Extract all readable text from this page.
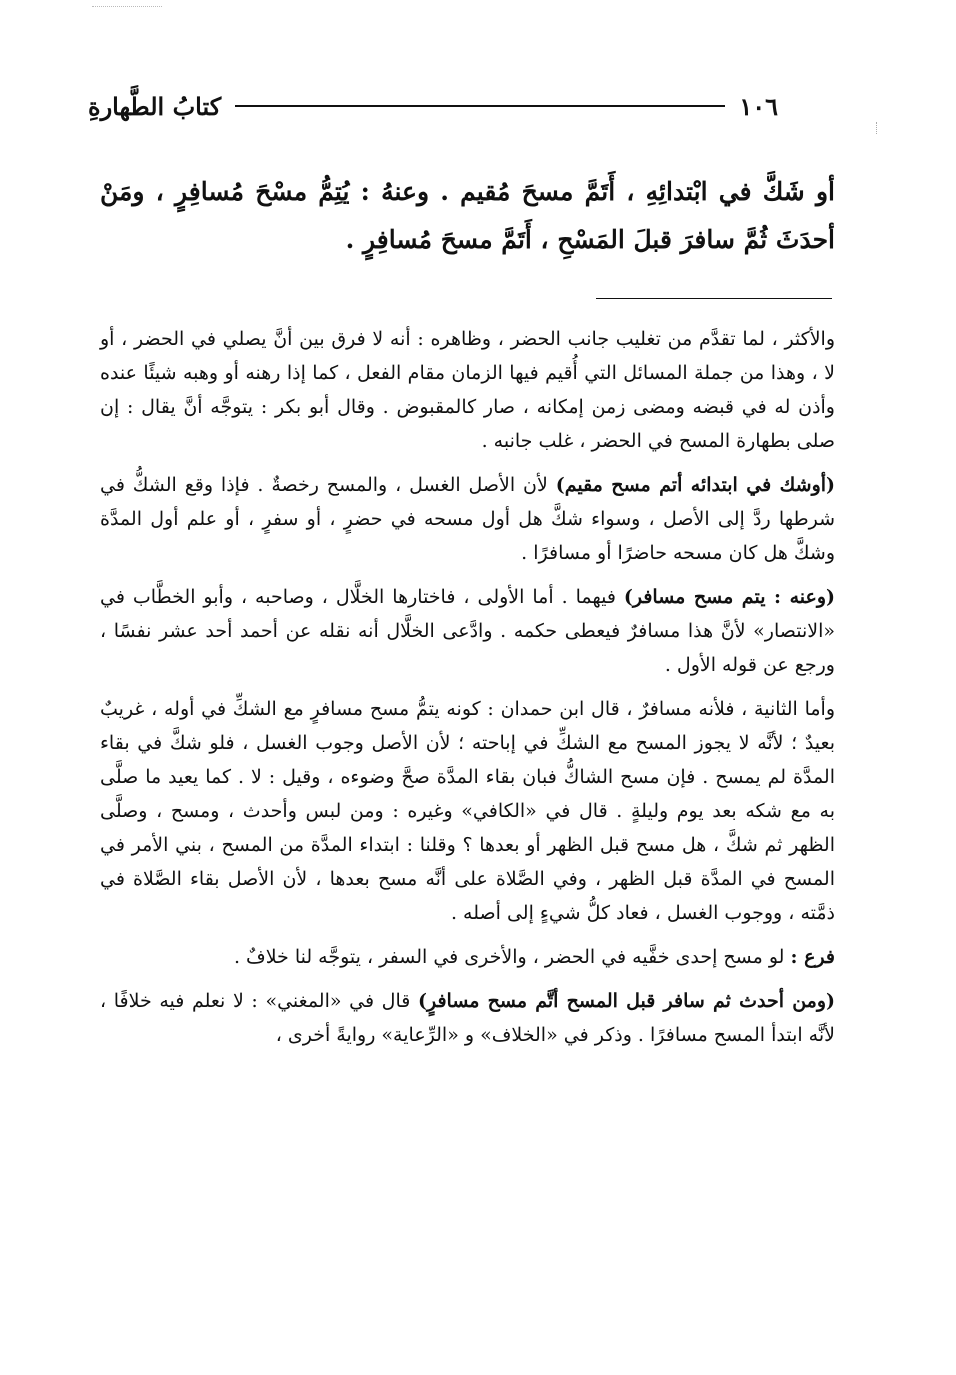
كتابُ الطَّهارةِ	١٠٦

أو شَكَّ في ابْتدائِهِ ، أَتَمَّ مسحَ مُقيم . وعنهُ : يُتِمُّ مسْحَ مُسافِرٍ ، ومَنْ أحدَثَ ثُمَّ سافرَ قبلَ المَسْحِ ، أَتَمَّ مسحَ مُسافِرٍ .

والأكثر ، لما تقدَّم من تغليب جانب الحضر ، وظاهره : أنه لا فرق بين أنَّ يصلي في الحضر ، أو لا ، وهذا من جملة المسائل التي أُقيم فيها الزمان مقام الفعل ، كما إذا رهنه أو وهبه شيئًا عنده وأذن له في قبضه ومضى زمن إمكانه ، صار كالمقبوض . وقال أبو بكر : يتوجَّه أنَّ يقال : إن صلى بطهارة المسح في الحضر ، غلب جانبه .

(أوشك في ابتدائه أتم مسح مقيم) لأن الأصل الغسل ، والمسح رخصةٌ . فإذا وقع الشكُّ في شرطها ردَّ إلى الأصل ، وسواء شكَّ هل أول مسحه في حضرٍ ، أو سفرٍ ، أو علم أول المدَّة وشكَّ هل كان مسحه حاضرًا أو مسافرًا .

(وعنه : يتم مسح مسافر) فيهما . أما الأولى ، فاختارها الخلَّال ، وصاحبه ، وأبو الخطَّاب في «الانتصار» لأنَّ هذا مسافرٌ فيعطى حكمه . وادَّعى الخلَّال أنه نقله عن أحمد أحد عشر نفسًا ، ورجع عن قوله الأول .

وأما الثانية ، فلأنه مسافرٌ ، قال ابن حمدان : كونه يتمُّ مسح مسافرٍ مع الشكِّ في أوله ، غريبٌ بعيدٌ ؛ لأنَّه لا يجوز المسح مع الشكِّ في إباحته ؛ لأن الأصل وجوب الغسل ، فلو شكَّ في بقاء المدَّة لم يمسح . فإن مسح الشاكُّ فبان بقاء المدَّة صحَّ وضوءه ، وقيل : لا . كما يعيد ما صلَّى به مع شكه بعد يوم وليلةٍ . قال في «الكافي» وغيره : ومن لبس وأحدث ، ومسح ، وصلَّى الظهر ثم شكَّ ، هل مسح قبل الظهر أو بعدها ؟ وقلنا : ابتداء المدَّة من المسح ، بني الأمر في المسح في المدَّة قبل الظهر ، وفي الصَّلاة على أنَّه مسح بعدها ، لأن الأصل بقاء الصَّلاة في ذمَّته ، ووجوب الغسل ، فعاد كلُّ شيءٍ إلى أصله .

فرع : لو مسح إحدى خفَّيه في الحضر ، والأخرى في السفر ، يتوجَّه لنا خلافٌ .

(ومن أحدث ثم سافر قبل المسح أتَّم مسح مسافرٍ) قال في «المغني» : لا نعلم فيه خلافًا ، لأنَّه ابتدأ المسح مسافرًا . وذكر في «الخلاف» و «الرِّعاية» روايةً أخرى ،
